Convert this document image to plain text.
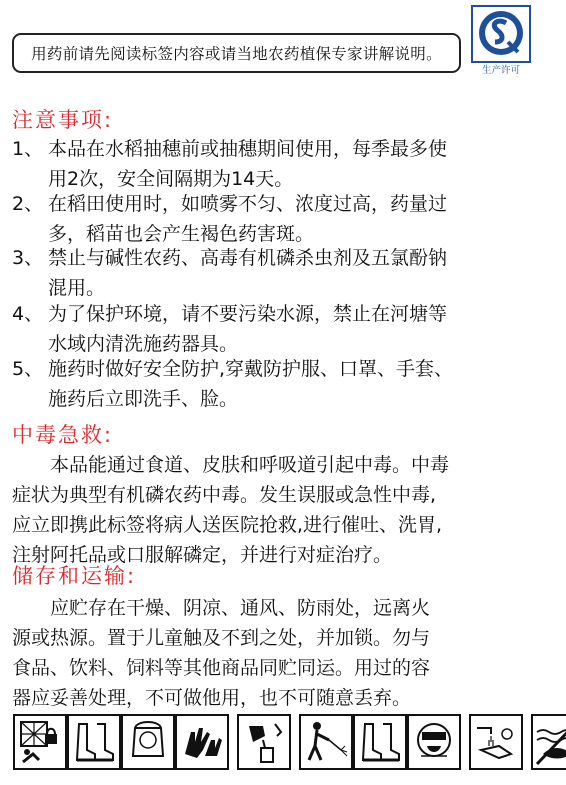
用药前请先阅读标签内容或请当地农药植保专家讲解说明。
生产许可
注意事项:
1、 本品在水稻抽穗前或抽穗期间使用，每季最多使
用2次，安全间隔期为14天。
2、 在稻田使用时，如喷雾不匀、浓度过高，药量过
多，稻苗也会产生褐色药害斑。
3、 禁止与碱性农药、高毒有机磷杀虫剂及五氯酚钠
混用。
4、 为了保护环境，请不要污染水源，禁止在河塘等
水域内清洗施药器具。
5、 施药时做好安全防护,穿戴防护服、口罩、手套、
施药后立即洗手、脸。
中毒急救:
　　本品能通过食道、皮肤和呼吸道引起中毒。中毒
症状为典型有机磷农药中毒。发生误服或急性中毒,
应立即携此标签将病人送医院抢救,进行催吐、洗胃,
注射阿托品或口服解磷定，并进行对症治疗。
储存和运输:
　　应贮存在干燥、阴凉、通风、防雨处，远离火
源或热源。置于儿童触及不到之处，并加锁。勿与
食品、饮料、饲料等其他商品同贮同运。用过的容
器应妥善处理，不可做他用，也不可随意丢弃。
